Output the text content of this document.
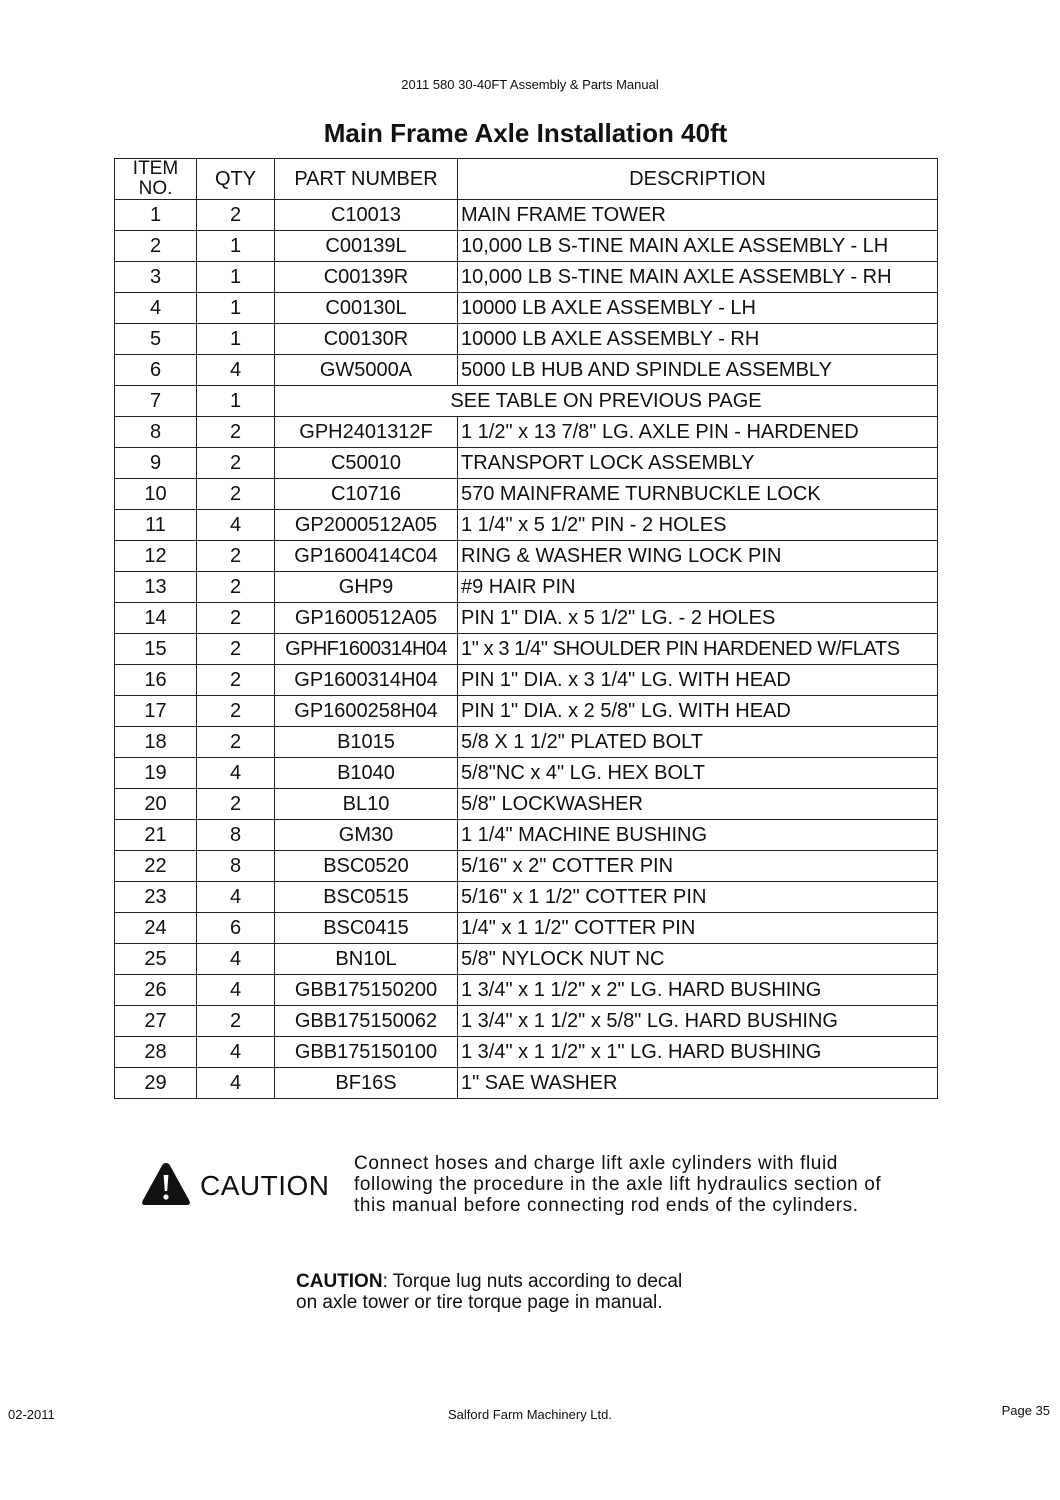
2011 580 30-40FT Assembly & Parts Manual
Main Frame Axle Installation 40ft
ITEM
NO.	QTY	PART NUMBER	DESCRIPTION
1	2	C10013	MAIN FRAME TOWER
2	1	C00139L	10,000 LB S-TINE MAIN AXLE ASSEMBLY - LH
3	1	C00139R	10,000 LB S-TINE MAIN AXLE ASSEMBLY - RH
4	1	C00130L	10000 LB AXLE ASSEMBLY - LH
5	1	C00130R	10000 LB AXLE ASSEMBLY - RH
6	4	GW5000A	5000 LB HUB AND SPINDLE ASSEMBLY
7	1	SEE TABLE ON PREVIOUS PAGE	
8	2	GPH2401312F	1 1/2" x 13 7/8" LG. AXLE PIN - HARDENED
9	2	C50010	TRANSPORT LOCK ASSEMBLY
10	2	C10716	570 MAINFRAME TURNBUCKLE LOCK
11	4	GP2000512A05	1 1/4" x 5 1/2" PIN - 2 HOLES
12	2	GP1600414C04	RING & WASHER WING LOCK PIN
13	2	GHP9	#9 HAIR PIN
14	2	GP1600512A05	PIN 1" DIA. x 5 1/2" LG. - 2 HOLES
15	2	GPHF1600314H04	1" x 3 1/4" SHOULDER PIN HARDENED W/FLATS
16	2	GP1600314H04	PIN 1" DIA. x 3 1/4" LG. WITH HEAD
17	2	GP1600258H04	PIN 1" DIA. x 2 5/8" LG. WITH HEAD
18	2	B1015	5/8 X 1 1/2" PLATED BOLT
19	4	B1040	5/8"NC x 4" LG. HEX BOLT
20	2	BL10	5/8" LOCKWASHER
21	8	GM30	1 1/4" MACHINE BUSHING
22	8	BSC0520	5/16" x 2" COTTER PIN
23	4	BSC0515	5/16" x 1 1/2" COTTER PIN
24	6	BSC0415	1/4" x 1 1/2" COTTER PIN
25	4	BN10L	5/8" NYLOCK NUT NC
26	4	GBB175150200	1 3/4" x 1 1/2" x 2" LG. HARD BUSHING
27	2	GBB175150062	1 3/4" x 1 1/2" x 5/8" LG. HARD BUSHING
28	4	GBB175150100	1 3/4" x 1 1/2" x 1" LG. HARD BUSHING
29	4	BF16S	1" SAE WASHER
CAUTION
Connect hoses and charge lift axle cylinders with fluid
following the procedure in the axle lift hydraulics section of
this manual before connecting rod ends of the cylinders.
CAUTION: Torque lug nuts according to decal
on axle tower or tire torque page in manual.
02-2011	Salford Farm Machinery Ltd.	Page 35
